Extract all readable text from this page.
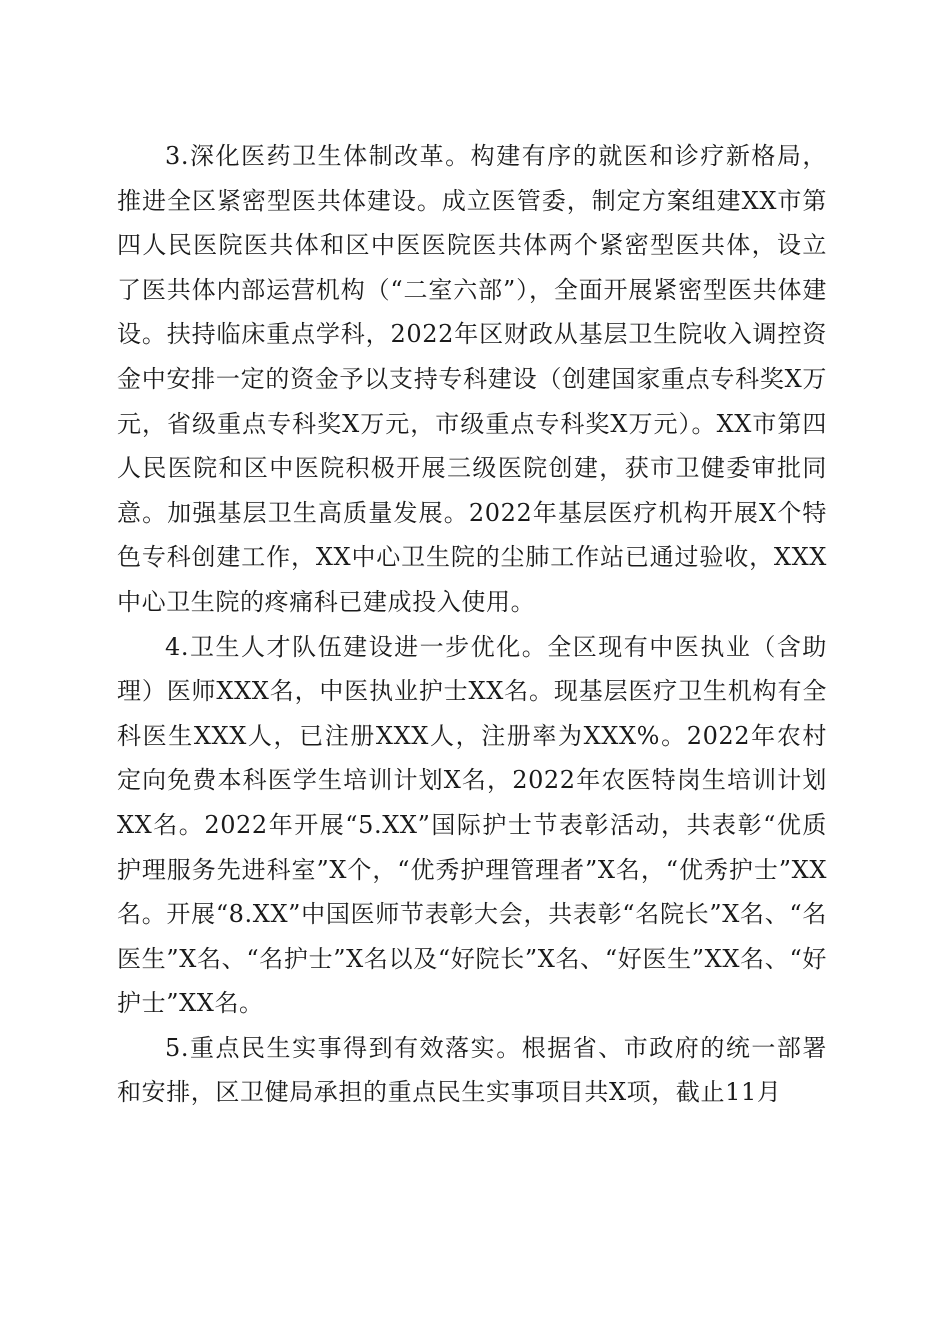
3.深化医药卫生体制改革。构建有序的就医和诊疗新格局，推进全区紧密型医共体建设。成立医管委，制定方案组建XX市第四人民医院医共体和区中医医院医共体两个紧密型医共体，设立了医共体内部运营机构（“二室六部”），全面开展紧密型医共体建设。扶持临床重点学科，2022年区财政从基层卫生院收入调控资金中安排一定的资金予以支持专科建设（创建国家重点专科奖X万元，省级重点专科奖X万元，市级重点专科奖X万元）。XX市第四人民医院和区中医院积极开展三级医院创建，获市卫健委审批同意。加强基层卫生高质量发展。2022年基层医疗机构开展X个特色专科创建工作，XX中心卫生院的尘肺工作站已通过验收，XXX中心卫生院的疼痛科已建成投入使用。

4.卫生人才队伍建设进一步优化。全区现有中医执业（含助理）医师XXX名，中医执业护士XX名。现基层医疗卫生机构有全科医生XXX人，已注册XXX人，注册率为XXX%。2022年农村定向免费本科医学生培训计划X名，2022年农医特岗生培训计划XX名。2022年开展“5.XX”国际护士节表彰活动，共表彰“优质护理服务先进科室”X个，“优秀护理管理者”X名，“优秀护士”XX名。开展“8.XX”中国医师节表彰大会，共表彰“名院长”X名、“名医生”X名、“名护士”X名以及“好院长”X名、“好医生”XX名、“好护士”XX名。

5.重点民生实事得到有效落实。根据省、市政府的统一部署和安排，区卫健局承担的重点民生实事项目共X项，截止11月
